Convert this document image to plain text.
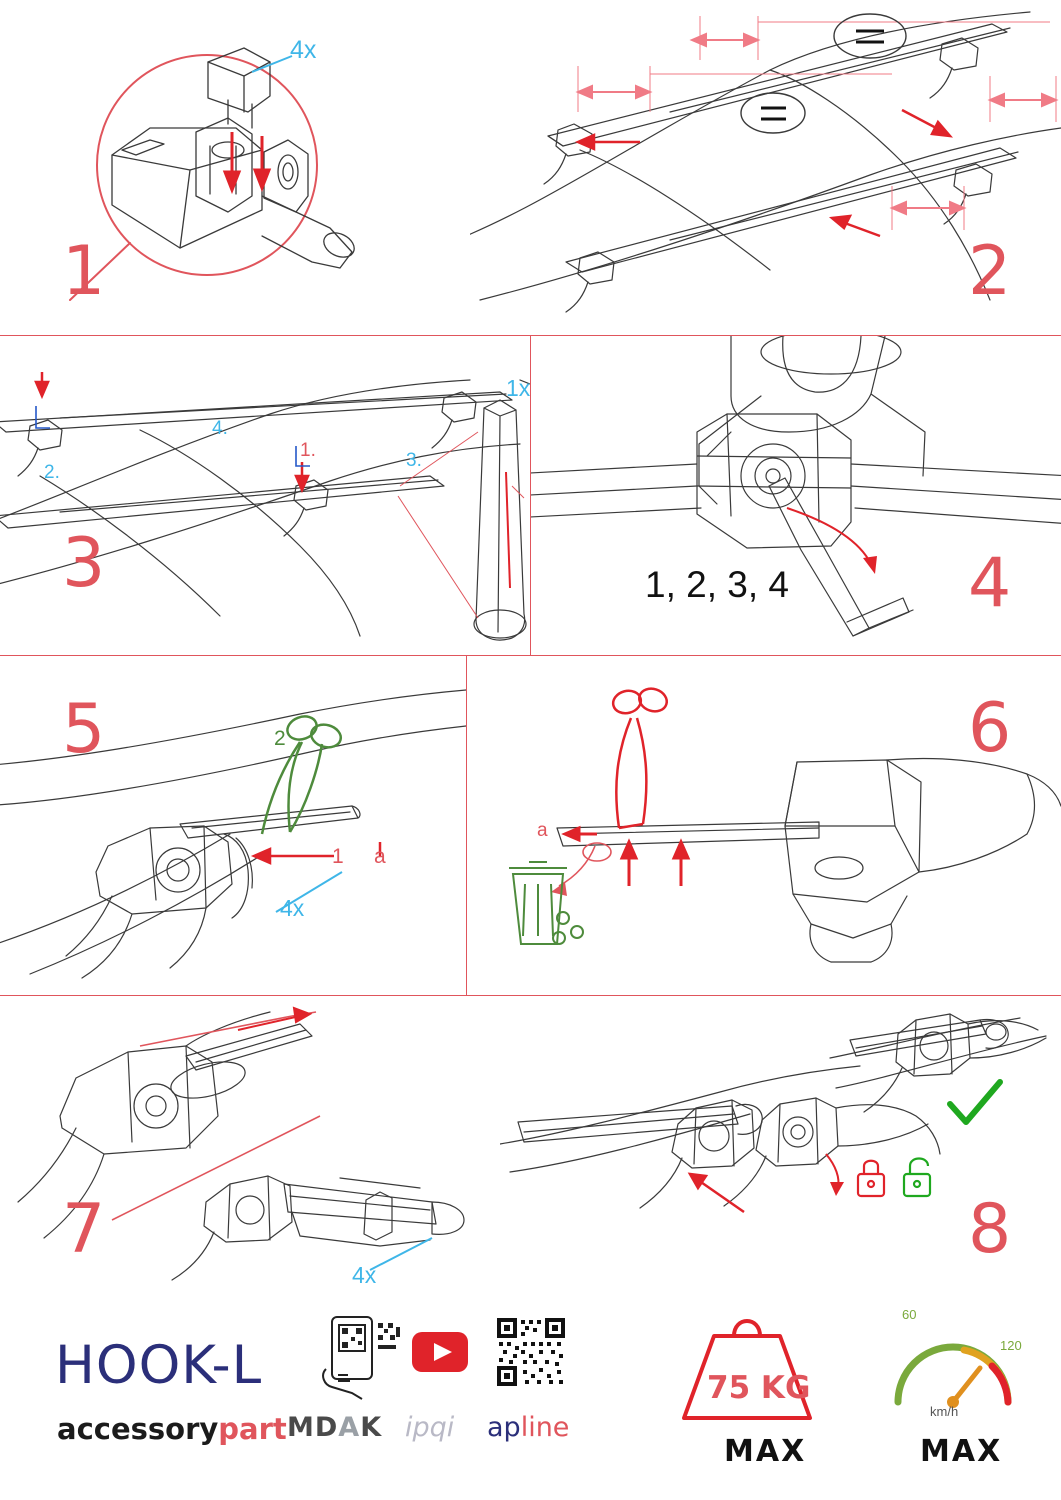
1
4x
2
3
1.
2.
3.
4.
1x
4
1, 2, 3, 4
5
1
2
a
4x
6
a
7
4x
8
HOOK-L
accessorypart MDAK ipqi apline
75 KG
MAX
60
120
km/h
MAX
